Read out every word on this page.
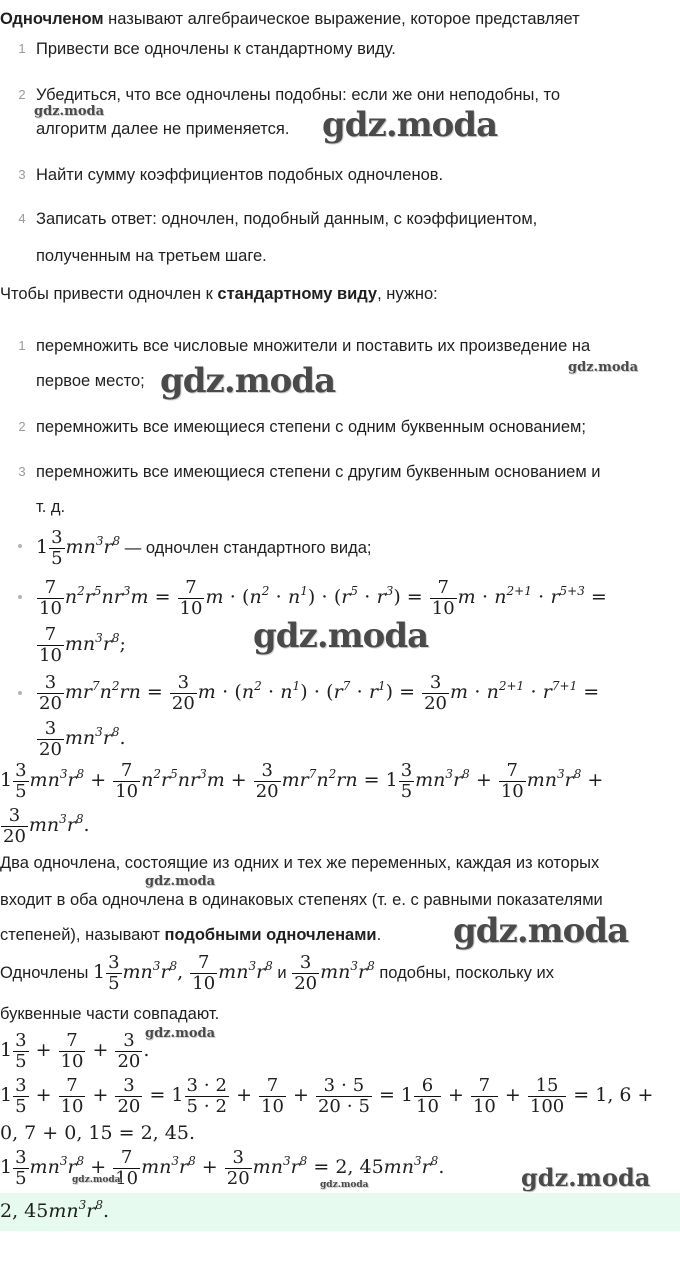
Одночленом называют алгебраическое выражение, которое представляет
1 Привести все одночлены к стандартному виду.
2 Убедиться, что все одночлены подобны: если же они неподобны, то
алгоритм далее не применяется.
3 Найти сумму коэффициентов подобных одночленов.
4 Записать ответ: одночлен, подобный данным, с коэффициентом,
полученным на третьем шаге.
Чтобы привести одночлен к стандартному виду, нужно:
1 перемножить все числовые множители и поставить их произведение на
первое место;
2 перемножить все имеющиеся степени с одним буквенным основанием;
3 перемножить все имеющиеся степени с другим буквенным основанием и
т. д.
$1 \frac{3}{5} mn^3r^8$ — одночлен стандартного вида;
$\frac{7}{10} n^2r^5nr^3m = \frac{7}{10}$ $m \cdot (n^2 \cdot n^1) \cdot (r^5 \cdot r^3) = \frac{7}{10}$ $m \cdot n^{2+1} \cdot r^{5+3}$ =
$\frac{7}{10} mn^3r^8$;
$\frac{3}{20} mr^7n^2rn = \frac{3}{20}$ $m \cdot (n^2 \cdot n^1) \cdot (r^7 \cdot r^1) = \frac{3}{20}$ $m \cdot n^{2+1} \cdot r^{7+1}$ =
$\frac{3}{20} mn^3r^8$.
$1 \frac{3}{5} mn^3r^8 + \frac{7}{10} n^2r^5nr^3m + \frac{3}{20} mr^7n^2rn = 1 \frac{3}{5} mn^3r^8 + \frac{7}{10} mn^3r^8$ +
$\frac{3}{20} mn^3r^8$.
Два одночлена, состоящие из одних и тех же переменных, каждая из которых
входит в оба одночлена в одинаковых степенях (т. е. с равными показателями
степеней), называют подобными одночленами.
Одночлены $1 \frac{3}{5} mn^3r^8$, $\frac{7}{10} mn^3r^8$ и $\frac{3}{20} mn^3r^8$ подобны, поскольку их
буквенные части совпадают.
$1 \frac{3}{5} + \frac{7}{10} + \frac{3}{20}$ .
$1 \frac{3}{5} + \frac{7}{10} + \frac{3}{20} = 1 \frac{3 \cdot 2}{5 \cdot 2} + \frac{7}{10} + \frac{3 \cdot 5}{20 \cdot 5} = 1 \frac{6}{10} + \frac{7}{10} + \frac{15}{100} = 1$, 6 +
0, 7 + 0, 15 = 2, 45.
$1 \frac{3}{5} mn^3r^8 + \frac{7}{10} mn^3r^8 + \frac{3}{20} mn^3r^8 = 2$, $45mn^3r^8$.
2, $45mn^3r^8$.
gdz.moda	gdz.moda
gdz.moda	gdz.moda
gdz.moda
gdz.moda
gdz.moda
gdz.moda
gdz.moda	gdz.moda	gdz.moda
